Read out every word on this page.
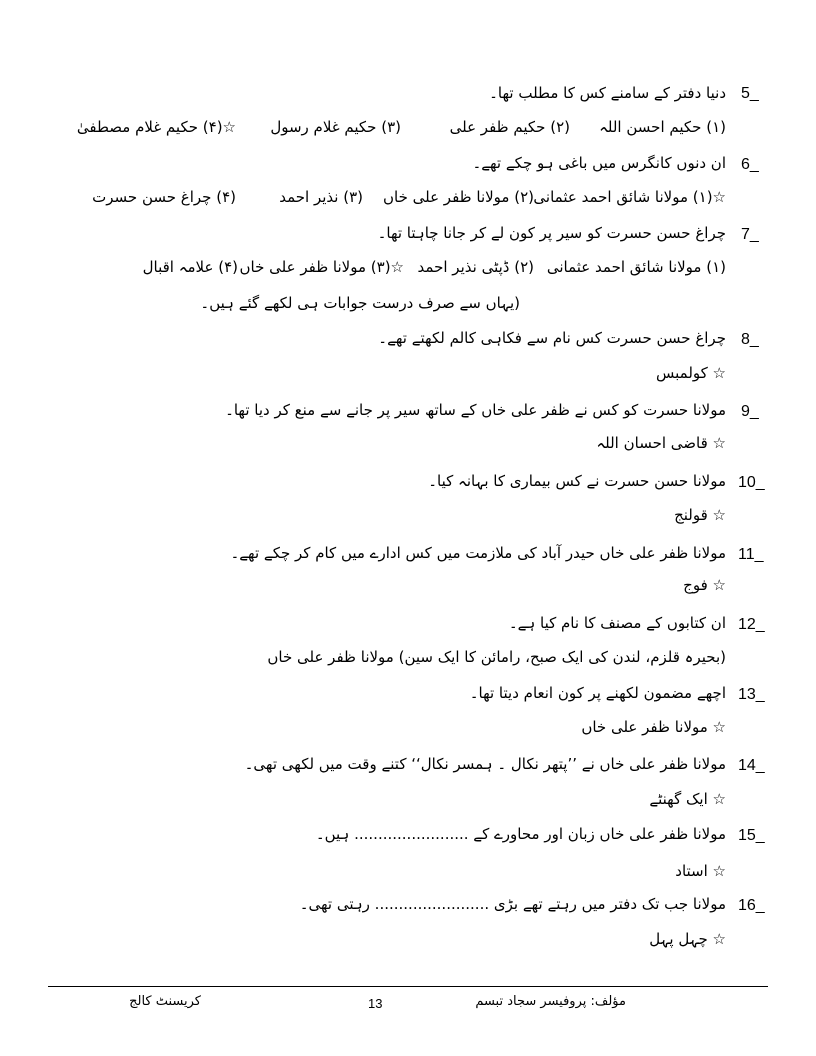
5_
دنیا دفتر کے سامنے کس کا مطلب تھا۔
(۱) حکیم احسن اللہ
(۲) حکیم ظفر علی
(۳) حکیم غلام رسول
☆(۴) حکیم غلام مصطفیٰ
6_
ان دنوں کانگرس میں باغی ہو چکے تھے۔
☆(۱) مولانا شائق احمد عثمانی
(۲) مولانا ظفر علی خاں
(۳) نذیر احمد
(۴) چراغ حسن حسرت
7_
چراغ حسن حسرت کو سیر پر کون لے کر جانا چاہتا تھا۔
(۱) مولانا شائق احمد عثمانی
(۲) ڈپٹی نذیر احمد
☆(۳) مولانا ظفر علی خاں
(۴) علامہ اقبال
(یہاں سے صرف درست جوابات ہی لکھے گئے ہیں۔
8_
چراغ حسن حسرت کس نام سے فکاہی کالم لکھتے تھے۔
☆ کولمبس
9_
مولانا حسرت کو کس نے ظفر علی خاں کے ساتھ سیر پر جانے سے منع کر دیا تھا۔
☆ قاضی احسان اللہ
10_
مولانا حسن حسرت نے کس بیماری کا بہانہ کیا۔
☆ قولنج
11_
مولانا ظفر علی خاں حیدر آباد کی ملازمت میں کس ادارے میں کام کر چکے تھے۔
☆ فوج
12_
ان کتابوں کے مصنف کا نام کیا ہے۔
(بحیرہ قلزم، لندن کی ایک صبح، رامائن کا ایک سین) مولانا ظفر علی خاں
13_
اچھے مضمون لکھنے پر کون انعام دیتا تھا۔
☆ مولانا ظفر علی خاں
14_
مولانا ظفر علی خاں نے ’’پتھر نکال ۔ ہمسر نکال‘‘ کتنے وقت میں لکھی تھی۔
☆ ایک گھنٹے
15_
مولانا ظفر علی خاں زبان اور محاورے کے ........................ ہیں۔
☆ استاد
16_
مولانا جب تک دفتر میں رہتے تھے بڑی ........................ رہتی تھی۔
☆ چہل پہل
مؤلف: پروفیسر سجاد تبسم
13
کریسنٹ کالج
